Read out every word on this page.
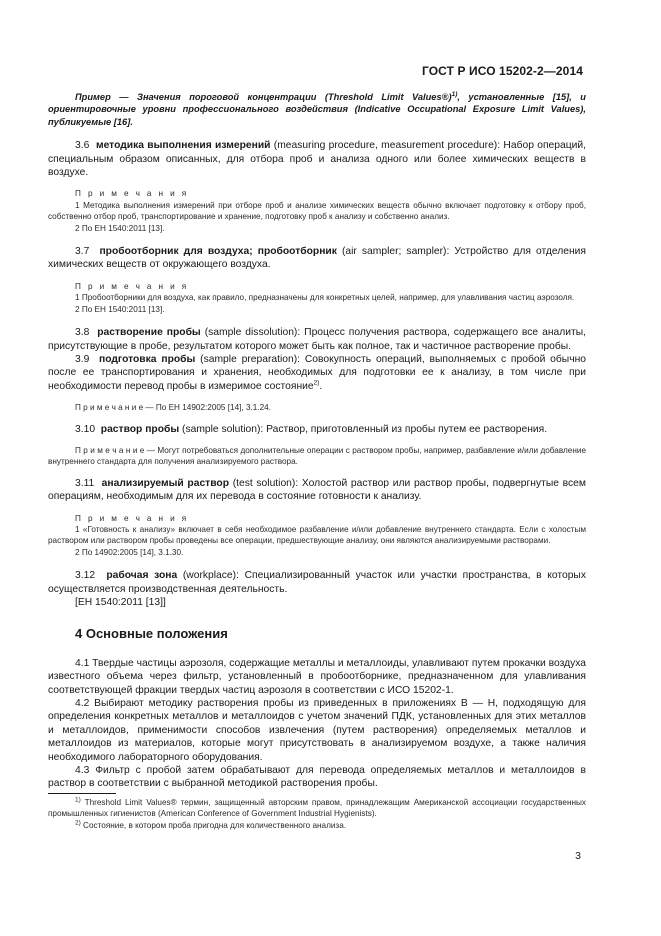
ГОСТ Р ИСО 15202-2—2014

Пример — Значения пороговой концентрации (Threshold Limit Values®)$^{1)}$, установленные [15], и ориентировочные уровни профессионального воздействия (Indicative Occupational Exposure Limit Values), публикуемые [16].

3.6 методика выполнения измерений (measuring procedure, measurement procedure): Набор операций, специальным образом описанных, для отбора проб и анализа одного или более химических веществ в воздухе.

П р и м е ч а н и я

1 Методика выполнения измерений при отборе проб и анализе химических веществ обычно включает подготовку к отбору проб, собственно отбор проб, транспортирование и хранение, подготовку проб к анализу и собственно анализ.

2 По ЕН 1540:2011 [13].

3.7 пробоотборник для воздуха; пробоотборник (air sampler; sampler): Устройство для отделения химических веществ от окружающего воздуха.

П р и м е ч а н и я

1 Пробоотборники для воздуха, как правило, предназначены для конкретных целей, например, для улавливания частиц аэрозоля.

2 По ЕН 1540:2011 [13].

3.8 растворение пробы (sample dissolution): Процесс получения раствора, содержащего все аналиты, присутствующие в пробе, результатом которого может быть как полное, так и частичное растворение пробы.

3.9 подготовка пробы (sample preparation): Совокупность операций, выполняемых с пробой обычно после ее транспортирования и хранения, необходимых для подготовки ее к анализу, в том числе при необходимости перевод пробы в измеримое состояние$^{2)}$.

П р и м е ч а н и е — По ЕН 14902:2005 [14], 3.1.24.

3.10 раствор пробы (sample solution): Раствор, приготовленный из пробы путем ее растворения.

П р и м е ч а н и е — Могут потребоваться дополнительные операции с раствором пробы, например, разбавление и/или добавление внутреннего стандарта для получения анализируемого раствора.

3.11 анализируемый раствор (test solution): Холостой раствор или раствор пробы, подвергнутые всем операциям, необходимым для их перевода в состояние готовности к анализу.

П р и м е ч а н и я

1 «Готовность к анализу» включает в себя необходимое разбавление и/или добавление внутреннего стандарта. Если с холостым раствором или раствором пробы проведены все операции, предшествующие анализу, они являются анализируемыми растворами.

2 По 14902:2005 [14], 3.1.30.

3.12 рабочая зона (workplace): Специализированный участок или участки пространства, в которых осуществляется производственная деятельность.

[ЕН 1540:2011 [13]]

4 Основные положения

4.1 Твердые частицы аэрозоля, содержащие металлы и металлоиды, улавливают путем прокачки воздуха известного объема через фильтр, установленный в пробоотборнике, предназначенном для улавливания соответствующей фракции твердых частиц аэрозоля в соответствии с ИСО 15202-1.

4.2 Выбирают методику растворения пробы из приведенных в приложениях В — Н, подходящую для определения конкретных металлов и металлоидов с учетом значений ПДК, установленных для этих металлов и металлоидов, применимости способов извлечения (путем растворения) определяемых металлов и металлоидов из материалов, которые могут присутствовать в анализируемом воздухе, а также наличия необходимого лабораторного оборудования.

4.3 Фильтр с пробой затем обрабатывают для перевода определяемых металлов и металлоидов в раствор в соответствии с выбранной методикой растворения пробы.

$^{1)}$ Threshold Limit Values® термин, защищенный авторским правом, принадлежащим Американской ассоциации государственных промышленных гигиенистов (American Conference of Government Industrial Hygienists).

$^{2)}$ Состояние, в котором проба пригодна для количественного анализа.

3
